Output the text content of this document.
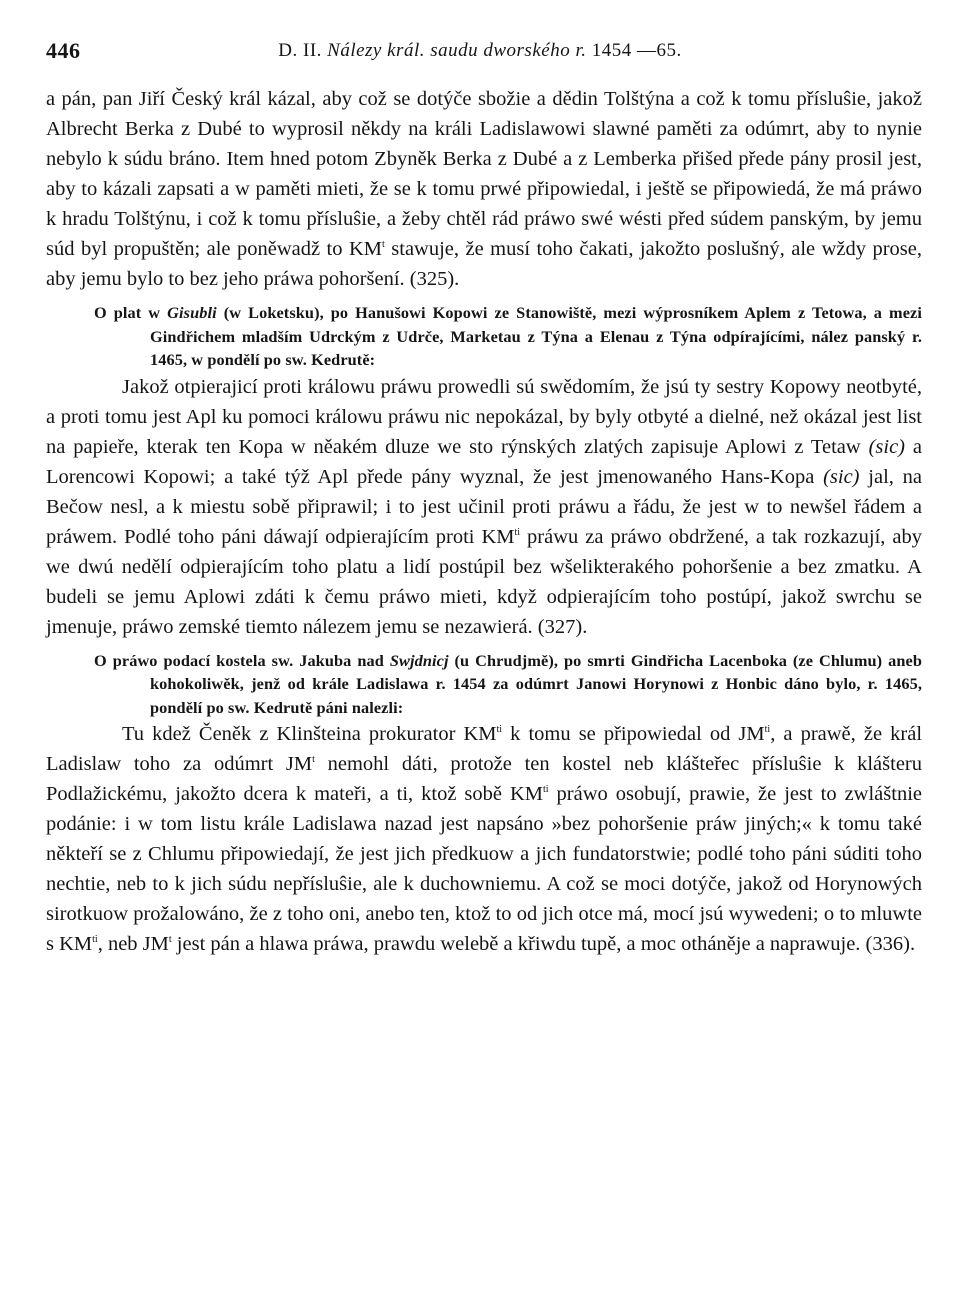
446	D. II. Nálezy král. saudu dworského r. 1454 —65.

a pán, pan Jiří Český král kázal, aby což se dotýče sbožie a dědin Tolštýna a což k tomu přísluŝie, jakož Albrecht Berka z Dubé to wyprosil někdy na králi Ladislawowi slawné paměti za odúmrt, aby to nynie nebylo k súdu bráno. Item hned potom Zbyněk Berka z Dubé a z Lemberka přišed přede pány prosil jest, aby to kázali zapsati a w paměti mieti, že se k tomu prwé připowiedal, i ještě se připowiedá, že má práwo k hradu Tolštýnu, i což k tomu přísluŝie, a žeby chtěl rád práwo swé wésti před súdem panským, by jemu súd byl propuštěn; ale poněwadž to $KM^t$ stawuje, že musí toho čakati, jakožto poslušný, ale wždy prose, aby jemu bylo to bez jeho práwa pohoršení. (325).

O plat w Gisubli (w Loketsku), po Hanušowi Kopowi ze Stanowiště, mezi wýprosníkem Aplem z Tetowa, a mezi Gindřichem mladším Udrckým z Udrče, Marketau z Týna a Elenau z Týna odpírajícími, nález panský r. 1465, w pondělí po sw. Kedrutě:

Jakož otpierajicí proti králowu práwu prowedli sú swědomím, že jsú ty sestry Kopowy neotbyté, a proti tomu jest Apl ku pomoci králowu práwu nic nepokázal, by byly otbyté a dielné, než okázal jest list na papieře, kterak ten Kopa w něakém dluze we sto rýnských zlatých zapisuje Aplowi z Tetaw (sic) a Lorencowi Kopowi; a také týž Apl přede pány wyznal, že jest jmenowaného Hans-Kopa (sic) jal, na Bečow nesl, a k miestu sobě připrawil; i to jest učinil proti práwu a řádu, že jest w to newšel řádem a práwem. Podlé toho páni dáwají odpierajícím proti $KM^{ti}$ práwu za práwo obdržené, a tak rozkazují, aby we dwú nedělí odpierajícím toho platu a lidí postúpil bez wšelikterakého pohoršenie a bez zmatku. A budeli se jemu Aplowi zdáti k čemu práwo mieti, když odpierajícím toho postúpí, jakož swrchu se jmenuje, práwo zemské tiemto nálezem jemu se nezawierá. (327).

O práwo podací kostela sw. Jakuba nad Swjdnicj (u Chrudjmě), po smrti Gindřicha Lacenboka (ze Chlumu) aneb kohokoliwěk, jenž od krále Ladislawa r. 1454 za odúmrt Janowi Horynowi z Honbic dáno bylo, r. 1465, pondělí po sw. Kedrutě páni nalezli:

Tu kdež Čeněk z Klinšteina prokurator $KM^{ti}$ k tomu se připowiedal od $JM^{ti}$, a prawě, že král Ladislaw toho za odúmrt $JM^t$ nemohl dáti, protože ten kostel neb klášteřec přísluŝie k klášteru Podlažickému, jakožto dcera k mateři, a ti, ktož sobě $KM^{ti}$ práwo osobují, prawie, že jest to zwláštnie podánie: i w tom listu krále Ladislawa nazad jest napsáno »bez pohoršenie práw jiných;« k tomu také někteří se z Chlumu připowiedají, že jest jich předkuow a jich fundatorstwie; podlé toho páni súditi toho nechtie, neb to k jich súdu nepřísluŝie, ale k duchowniemu. A což se moci dotýče, jakož od Horynowých sirotkuow prožalowáno, že z toho oni, anebo ten, ktož to od jich otce má, mocí jsú wywedeni; o to mluwte s $KM^{ti}$, neb $JM^t$ jest pán a hlawa práwa, prawdu welebě a křiwdu tupě, a moc otháněje a naprawuje. (336).
